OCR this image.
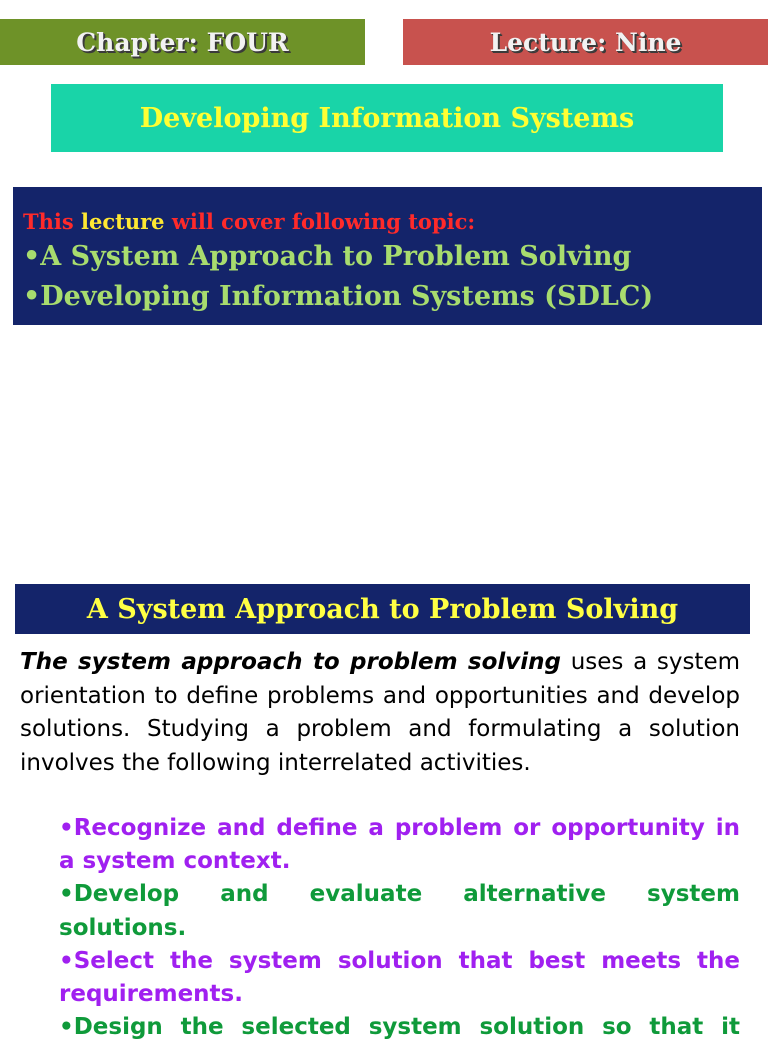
Chapter: FOUR	Lecture: Nine
Developing Information Systems
This lecture will cover following topic:
•A System Approach to Problem Solving
•Developing Information Systems (SDLC)
A System Approach to Problem Solving

The system approach to problem solving uses a system orientation to define problems and opportunities and develop solutions. Studying a problem and formulating a solution involves the following interrelated activities.

•Recognize and define a problem or opportunity in a system context.

•Develop and evaluate alternative system solutions.

•Select the system solution that best meets the requirements.

•Design the selected system solution so that it
